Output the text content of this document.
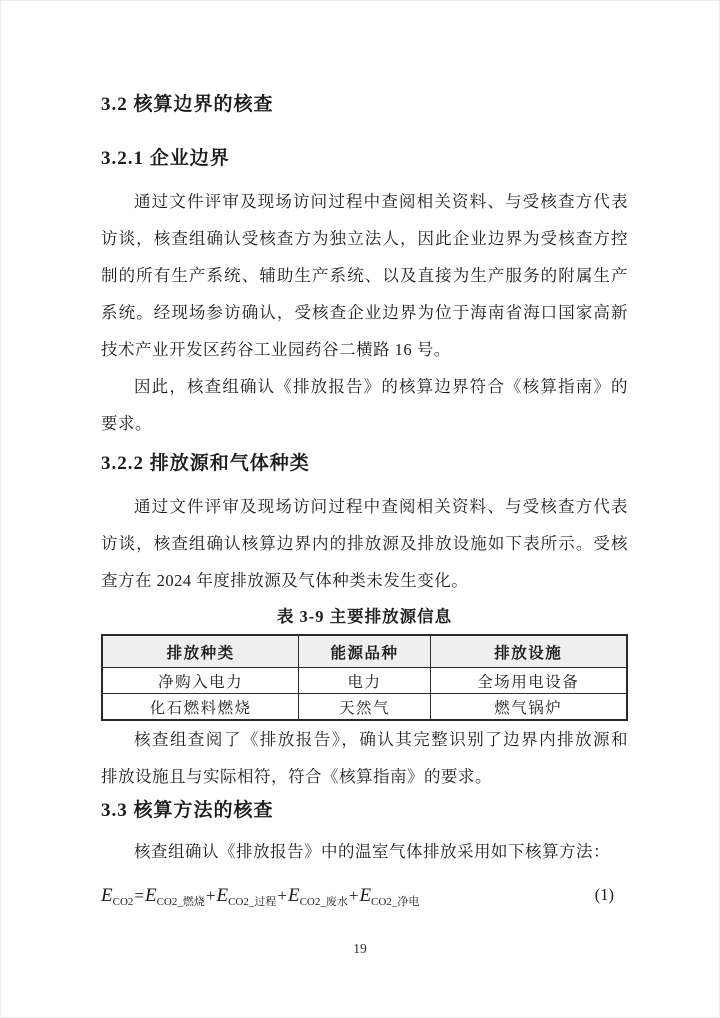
3.2 核算边界的核查
3.2.1 企业边界
通过文件评审及现场访问过程中查阅相关资料、与受核查方代表
访谈，核查组确认受核查方为独立法人，因此企业边界为受核查方控
制的所有生产系统、辅助生产系统、以及直接为生产服务的附属生产
系统。经现场参访确认，受核查企业边界为位于海南省海口国家高新
技术产业开发区药谷工业园药谷二横路 16 号。
因此，核查组确认《排放报告》的核算边界符合《核算指南》的
要求。
3.2.2 排放源和气体种类
通过文件评审及现场访问过程中查阅相关资料、与受核查方代表
访谈，核查组确认核算边界内的排放源及排放设施如下表所示。受核
查方在 2024 年度排放源及气体种类未发生变化。
表 3-9 主要排放源信息
排放种类	能源品种	排放设施
净购入电力	电力	全场用电设备
化石燃料燃烧	天然气	燃气锅炉
核查组查阅了《排放报告》，确认其完整识别了边界内排放源和
排放设施且与实际相符，符合《核算指南》的要求。
3.3 核算方法的核查
核查组确认《排放报告》中的温室气体排放采用如下核算方法：
$E_{CO2}=E_{CO2\_燃烧}+E_{CO2\_过程}+E_{CO2\_废水}+E_{CO2\_净电}$	(1)
19
